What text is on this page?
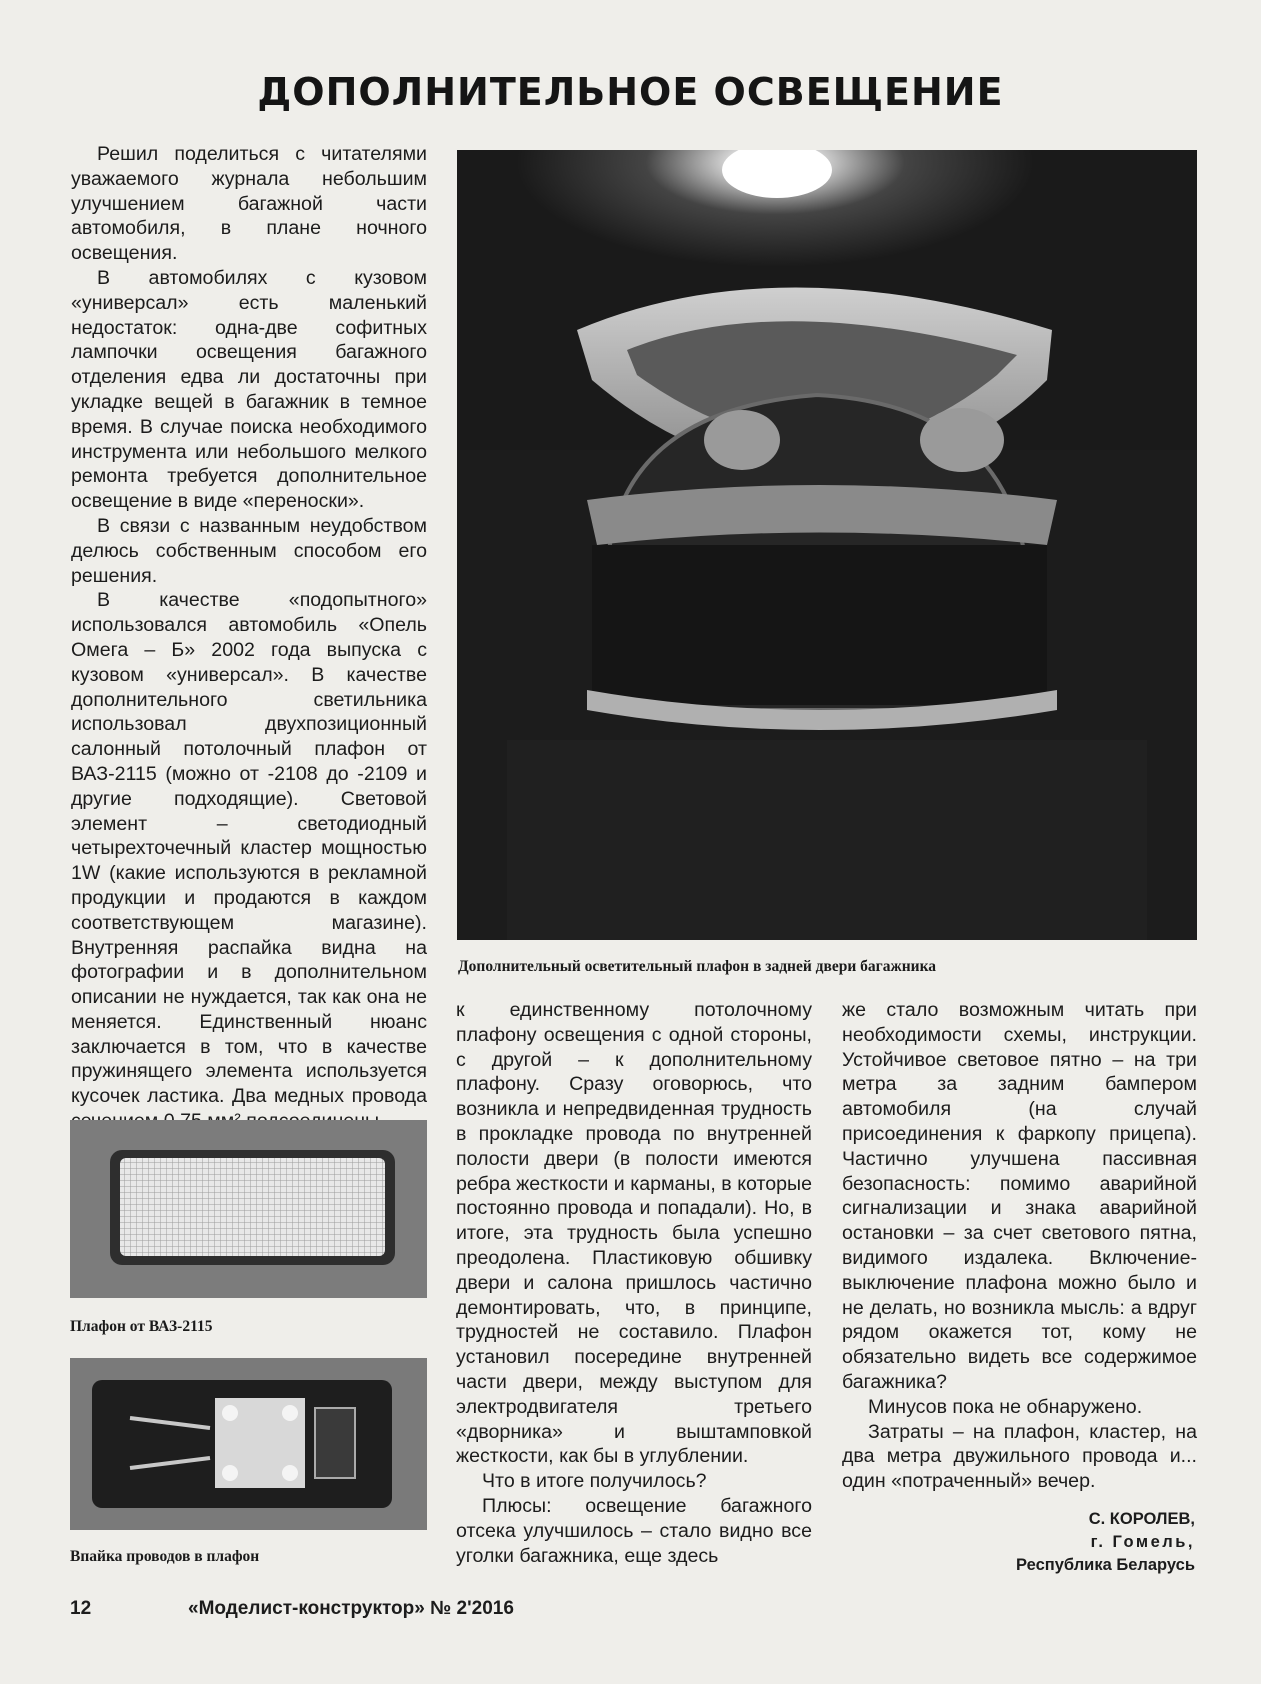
ДОПОЛНИТЕЛЬНОЕ ОСВЕЩЕНИЕ

Решил поделиться с читателями уважаемого журнала небольшим улучшением багажной части автомобиля, в плане ночного освещения.

В автомобилях с кузовом «универсал» есть маленький недостаток: одна-две софитных лампочки освещения багажного отделения едва ли достаточны при укладке вещей в багажник в темное время. В случае поиска необходимого инструмента или небольшого мелкого ремонта требуется дополнительное освещение в виде «переноски».

В связи с названным неудобством делюсь собственным способом его решения.

В качестве «подопытного» использовался автомобиль «Опель Омега – Б» 2002 года выпуска с кузовом «универсал». В качестве дополнительного светильника использовал двухпозиционный салонный потолочный плафон от ВАЗ-2115 (можно от -2108 до -2109 и другие подходящие). Световой элемент – светодиодный четырехточечный кластер мощностью 1W (какие используются в рекламной продукции и продаются в каждом соответствующем магазине). Внутренняя распайка видна на фотографии и в дополнительном описании не нуждается, так как она не меняется. Единственный нюанс заключается в том, что в качестве пружинящего элемента используется кусочек ластика. Два медных провода

Дополнительный осветительный плафон в задней двери багажника
Плафон от ВАЗ-2115
Впайка проводов в плафон

к единственному потолочному плафону освещения с одной стороны, с другой – к дополнительному плафону. Сразу оговорюсь, что возникла и непредвиденная трудность в прокладке провода по внутренней полости двери (в полости имеются ребра жесткости и карманы, в которые постоянно провода и попадали). Но, в итоге, эта трудность была успешно преодолена. Пластиковую обшивку двери и салона пришлось частично демонтировать, что, в принципе, трудностей не составило. Плафон установил посередине внутренней части двери, между выступом для электродвигателя третьего «дворника» и выштамповкой жесткости, как бы в углублении.

Что в итоге получилось?

Плюсы: освещение багажного отсека улучшилось – стало видно все уголки багажника, еще здесь

же стало возможным читать при необходимости схемы, инструкции. Устойчивое световое пятно – на три метра за задним бампером автомобиля (на случай присоединения к фаркопу прицепа). Частично улучшена пассивная безопасность: помимо аварийной сигнализации и знака аварийной остановки – за счет светового пятна, видимого издалека. Включение-выключение плафона можно было и не делать, но возникла мысль: а вдруг рядом окажется тот, кому не обязательно видеть все содержимое багажника?

Минусов пока не обнаружено.

Затраты – на плафон, кластер, на два метра двужильного провода и... один «потраченный» вечер.

С. КОРОЛЕВ,
г. Гомель,
Республика Беларусь
12	«Моделист-конструктор» № 2'2016
